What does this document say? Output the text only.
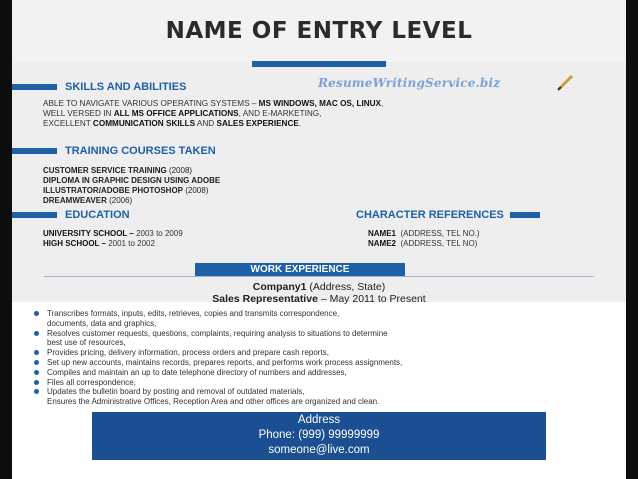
NAME OF ENTRY LEVEL
SKILLS AND ABILITIES	ResumeWritingService.biz
ABLE TO NAVIGATE VARIOUS OPERATING SYSTEMS – MS WINDOWS, MAC OS, LINUX,
WELL VERSED IN ALL MS OFFICE APPLICATIONS, AND E-MARKETING,
EXCELLENT COMMUNICATION SKILLS AND SALES EXPERIENCE.
TRAINING COURSES TAKEN
CUSTOMER SERVICE TRAINING (2008)
DIPLOMA IN GRAPHIC DESIGN USING ADOBE
ILLUSTRATOR/ADOBE PHOTOSHOP (2008)
DREAMWEAVER (2006)
EDUCATION
UNIVERSITY SCHOOL – 2003 to 2009
HIGH SCHOOL – 2001 to 2002
CHARACTER REFERENCES
NAME1  (ADDRESS, TEL NO.)
NAME2  (ADDRESS, TEL NO)
WORK EXPERIENCE
Company1 (Address, State)
Sales Representative – May 2011 to Present
Transcribes formats, inputs, edits, retrieves, copies and transmits correspondence,
documents, data and graphics,
Resolves customer requests, questions, complaints, requiring analysis to situations to determine
best use of resources,
Provides pricing, delivery information, process orders and prepare cash reports,
Set up new accounts, maintains records, prepares reports, and performs work process assignments,
Compiles and maintain an up to date telephone directory of numbers and addresses,
Files all correspondence,
Updates the bulletin board by posting and removal of outdated materials,
Ensures the Administrative Offices, Reception Area and other offices are organized and clean.
Address
Phone: (999) 99999999
someone@live.com
